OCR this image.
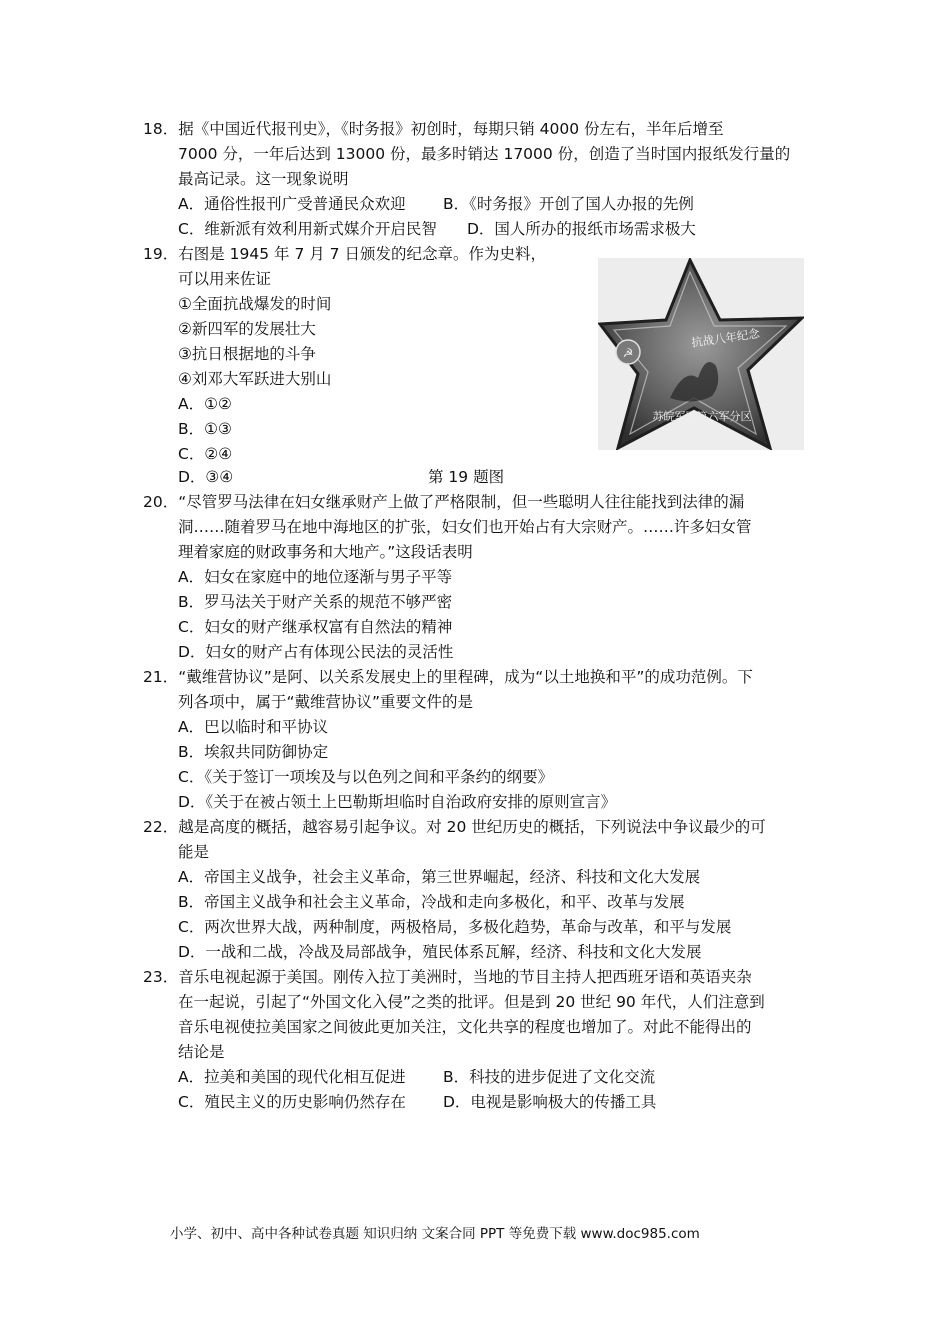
18．据《中国近代报刊史》，《时务报》初创时，每期只销 4000 份左右，半年后增至
7000 分，一年后达到 13000 份，最多时销达 17000 份，创造了当时国内报纸发行量的
最高记录。这一现象说明
A．通俗性报刊广受普通民众欢迎 B．《时务报》开创了国人办报的先例
C．维新派有效利用新式媒介开启民智 D．国人所办的报纸市场需求极大
19．右图是 1945 年 7 月 7 日颁发的纪念章。作为史料，
可以用来佐证
①全面抗战爆发的时间
②新四军的发展壮大
③抗日根据地的斗争
④刘邓大军跃进大别山
A．①②
B．①③
C．②④
D．③④	第 19 题图
☭
抗战八年纪念
苏皖军区第六军分区
20．“尽管罗马法律在妇女继承财产上做了严格限制，但一些聪明人往往能找到法律的漏
洞……随着罗马在地中海地区的扩张，妇女们也开始占有大宗财产。……许多妇女管
理着家庭的财政事务和大地产。”这段话表明
A．妇女在家庭中的地位逐渐与男子平等
B．罗马法关于财产关系的规范不够严密
C．妇女的财产继承权富有自然法的精神
D．妇女的财产占有体现公民法的灵活性
21．“戴维营协议”是阿、以关系发展史上的里程碑，成为“以土地换和平”的成功范例。下
列各项中，属于“戴维营协议”重要文件的是
A．巴以临时和平协议
B．埃叙共同防御协定
C．《关于签订一项埃及与以色列之间和平条约的纲要》
D．《关于在被占领土上巴勒斯坦临时自治政府安排的原则宣言》
22．越是高度的概括，越容易引起争议。对 20 世纪历史的概括，下列说法中争议最少的可
能是
A．帝国主义战争，社会主义革命，第三世界崛起，经济、科技和文化大发展
B．帝国主义战争和社会主义革命，冷战和走向多极化，和平、改革与发展
C．两次世界大战，两种制度，两极格局，多极化趋势，革命与改革，和平与发展
D．一战和二战，冷战及局部战争，殖民体系瓦解，经济、科技和文化大发展
23．音乐电视起源于美国。刚传入拉丁美洲时，当地的节目主持人把西班牙语和英语夹杂
在一起说，引起了“外国文化入侵”之类的批评。但是到 20 世纪 90 年代，人们注意到
音乐电视使拉美国家之间彼此更加关注，文化共享的程度也增加了。对此不能得出的
结论是
A．拉美和美国的现代化相互促进 B．科技的进步促进了文化交流
C．殖民主义的历史影响仍然存在 D．电视是影响极大的传播工具
小学、初中、高中各种试卷真题 知识归纳 文案合同 PPT 等免费下载 www.doc985.com
